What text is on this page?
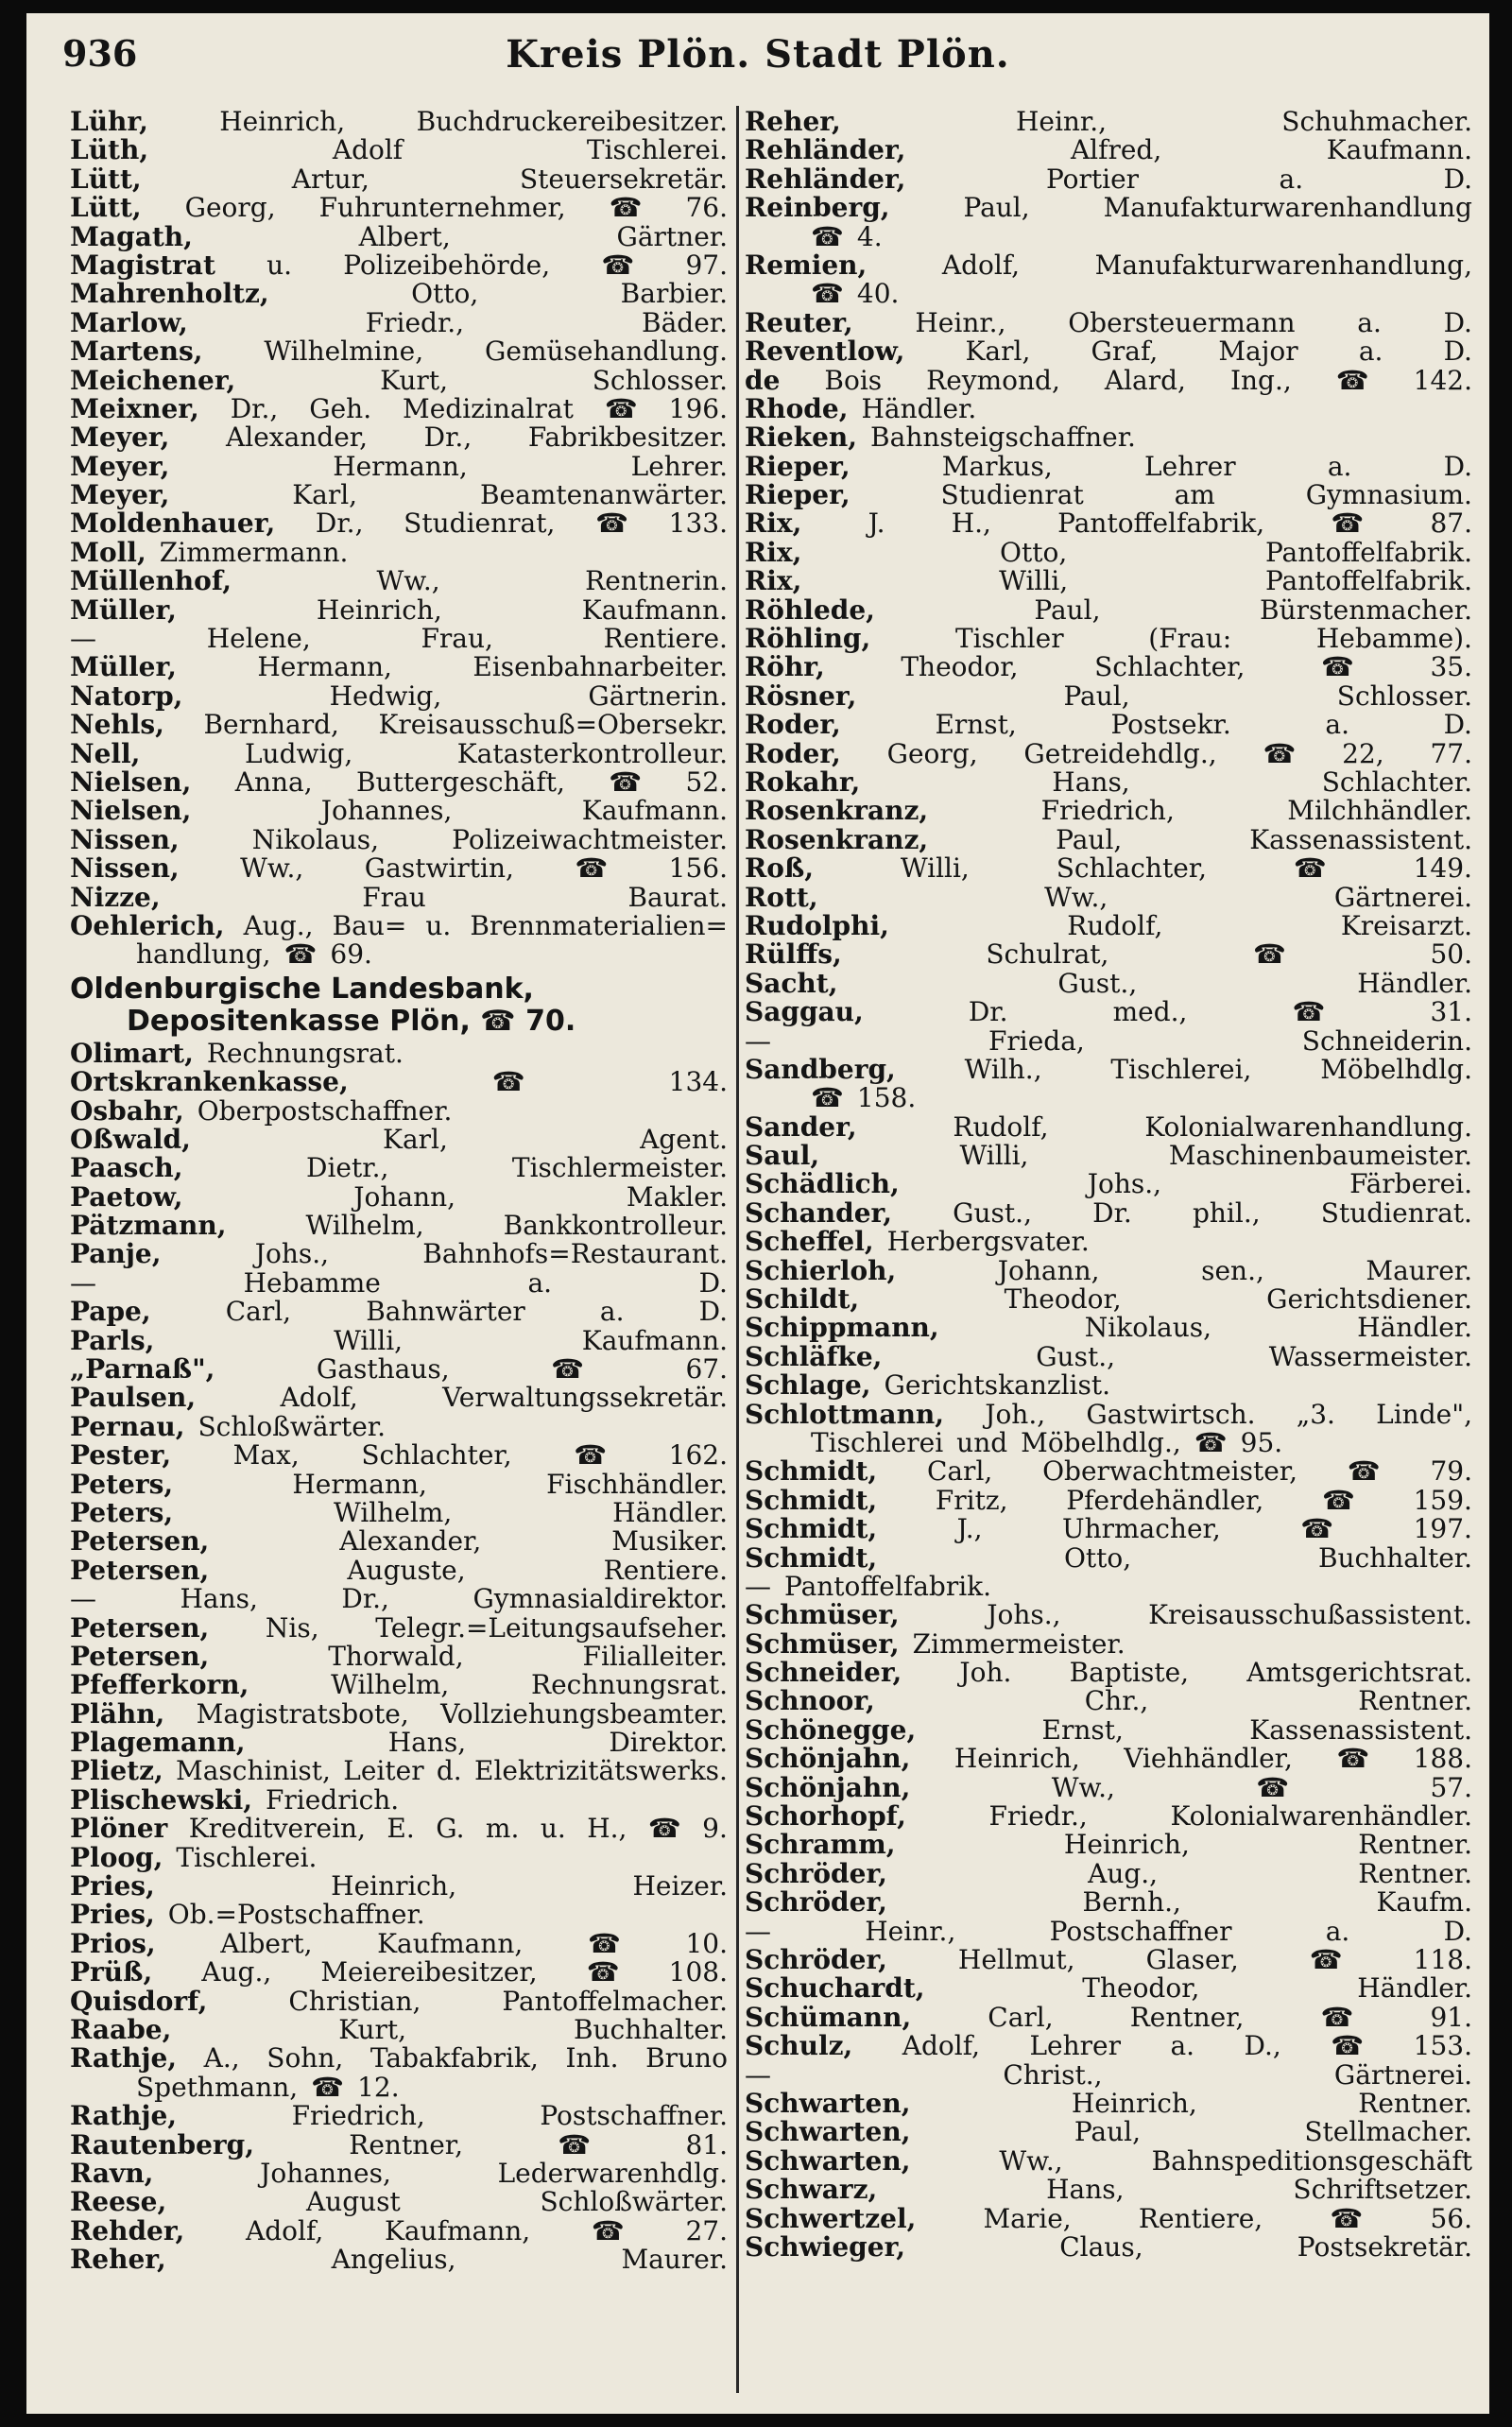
936	Kreis Plön. Stadt Plön.
Lühr,	Heinrich,	Buchdruckereibesitzer.
Lüth,	Adolf	Tischlerei.
Lütt,	Artur,	Steuersekretär.
Lütt, Georg, Fuhrunternehmer, ☎ 76.
Magath,	Albert,	Gärtner.
Magistrat u. Polizeibehörde, ☎ 97.
Mahrenholtz,	Otto,	Barbier.
Marlow,	Friedr.,	Bäder.
Martens, Wilhelmine, Gemüsehandlung.
Meichener,	Kurt,	Schlosser.
Meixner, Dr., Geh. Medizinalrat ☎ 196.
Meyer, Alexander, Dr., Fabrikbesitzer.
Meyer,	Hermann,	Lehrer.
Meyer,	Karl,	Beamtenanwärter.
Moldenhauer, Dr., Studienrat, ☎ 133.
Moll, Zimmermann.
Müllenhof,	Ww.,	Rentnerin.
Müller,	Heinrich,	Kaufmann.
—	Helene,	Frau,	Rentiere.
Müller,	Hermann,	Eisenbahnarbeiter.
Natorp,	Hedwig,	Gärtnerin.
Nehls, Bernhard, Kreisausschuß=Obersekr.
Nell,	Ludwig,	Katasterkontrolleur.
Nielsen, Anna, Buttergeschäft, ☎ 52.
Nielsen,	Johannes,	Kaufmann.
Nissen,	Nikolaus,	Polizeiwachtmeister.
Nissen, Ww., Gastwirtin, ☎ 156.
Nizze,	Frau	Baurat.
Oehlerich, Aug., Bau= u. Brennmaterialien=
handlung, ☎ 69.
Oldenburgische Landesbank,
Depositenkasse Plön, ☎ 70.
Olimart, Rechnungsrat.
Ortskrankenkasse,	☎	134.
Osbahr, Oberpostschaffner.
Oßwald,	Karl,	Agent.
Paasch,	Dietr.,	Tischlermeister.
Paetow,	Johann,	Makler.
Pätzmann,	Wilhelm,	Bankkontrolleur.
Panje,	Johs.,	Bahnhofs=Restaurant.
—	Hebamme	a.	D.
Pape,	Carl,	Bahnwärter	a.	D.
Parls,	Willi,	Kaufmann.
„Parnaß",	Gasthaus,	☎	67.
Paulsen,	Adolf,	Verwaltungssekretär.
Pernau, Schloßwärter.
Pester, Max, Schlachter, ☎ 162.
Peters,	Hermann,	Fischhändler.
Peters,	Wilhelm,	Händler.
Petersen,	Alexander,	Musiker.
Petersen,	Auguste,	Rentiere.
—	Hans,	Dr.,	Gymnasialdirektor.
Petersen, Nis, Telegr.=Leitungsaufseher.
Petersen,	Thorwald,	Filialleiter.
Pfefferkorn,	Wilhelm,	Rechnungsrat.
Plähn, Magistratsbote, Vollziehungsbeamter.
Plagemann,	Hans,	Direktor.
Plietz, Maschinist, Leiter d. Elektrizitätswerks.
Plischewski, Friedrich.
Plöner Kreditverein, E. G. m. u. H., ☎ 9.
Ploog, Tischlerei.
Pries,	Heinrich,	Heizer.
Pries, Ob.=Postschaffner.
Prios, Albert, Kaufmann, ☎ 10.
Prüß, Aug., Meiereibesitzer, ☎ 108.
Quisdorf,	Christian,	Pantoffelmacher.
Raabe,	Kurt,	Buchhalter.
Rathje, A., Sohn, Tabakfabrik, Inh. Bruno
Spethmann, ☎ 12.
Rathje,	Friedrich,	Postschaffner.
Rautenberg,	Rentner,	☎	81.
Ravn,	Johannes,	Lederwarenhdlg.
Reese,	August	Schloßwärter.
Rehder, Adolf, Kaufmann, ☎ 27.
Reher,	Angelius,	Maurer.
Reher,	Heinr.,	Schuhmacher.
Rehländer,	Alfred,	Kaufmann.
Rehländer,	Portier	a.	D.
Reinberg,	Paul,	Manufakturwarenhandlung
☎ 4.
Remien,	Adolf,	Manufakturwarenhandlung,
☎ 40.
Reuter, Heinr., Obersteuermann a. D.
Reventlow, Karl, Graf, Major a. D.
de Bois Reymond, Alard, Ing., ☎ 142.
Rhode, Händler.
Rieken, Bahnsteigschaffner.
Rieper,	Markus,	Lehrer	a.	D.
Rieper,	Studienrat	am	Gymnasium.
Rix,	J.	H.,	Pantoffelfabrik,	☎	87.
Rix,	Otto,	Pantoffelfabrik.
Rix,	Willi,	Pantoffelfabrik.
Röhlede,	Paul,	Bürstenmacher.
Röhling,	Tischler	(Frau:	Hebamme).
Röhr,	Theodor,	Schlachter,	☎	35.
Rösner,	Paul,	Schlosser.
Roder,	Ernst,	Postsekr.	a.	D.
Roder, Georg, Getreidehdlg., ☎ 22, 77.
Rokahr,	Hans,	Schlachter.
Rosenkranz,	Friedrich,	Milchhändler.
Rosenkranz,	Paul,	Kassenassistent.
Roß,	Willi,	Schlachter,	☎	149.
Rott,	Ww.,	Gärtnerei.
Rudolphi,	Rudolf,	Kreisarzt.
Rülffs,	Schulrat,	☎	50.
Sacht,	Gust.,	Händler.
Saggau,	Dr.	med.,	☎	31.
—	Frieda,	Schneiderin.
Sandberg,	Wilh.,	Tischlerei,	Möbelhdlg.
☎ 158.
Sander,	Rudolf,	Kolonialwarenhandlung.
Saul,	Willi,	Maschinenbaumeister.
Schädlich,	Johs.,	Färberei.
Schander, Gust., Dr. phil., Studienrat.
Scheffel, Herbergsvater.
Schierloh,	Johann,	sen.,	Maurer.
Schildt,	Theodor,	Gerichtsdiener.
Schippmann,	Nikolaus,	Händler.
Schläfke,	Gust.,	Wassermeister.
Schlage, Gerichtskanzlist.
Schlottmann, Joh., Gastwirtsch. „3. Linde",
Tischlerei und Möbelhdlg., ☎ 95.
Schmidt, Carl, Oberwachtmeister, ☎ 79.
Schmidt, Fritz, Pferdehändler, ☎ 159.
Schmidt,	J.,	Uhrmacher,	☎	197.
Schmidt,	Otto,	Buchhalter.
— Pantoffelfabrik.
Schmüser,	Johs.,	Kreisausschußassistent.
Schmüser, Zimmermeister.
Schneider, Joh. Baptiste, Amtsgerichtsrat.
Schnoor,	Chr.,	Rentner.
Schönegge,	Ernst,	Kassenassistent.
Schönjahn, Heinrich, Viehhändler, ☎ 188.
Schönjahn,	Ww.,	☎	57.
Schorhopf,	Friedr.,	Kolonialwarenhändler.
Schramm,	Heinrich,	Rentner.
Schröder,	Aug.,	Rentner.
Schröder,	Bernh.,	Kaufm.
—	Heinr.,	Postschaffner	a.	D.
Schröder,	Hellmut,	Glaser,	☎	118.
Schuchardt,	Theodor,	Händler.
Schümann,	Carl,	Rentner,	☎	91.
Schulz, Adolf, Lehrer a. D., ☎ 153.
—	Christ.,	Gärtnerei.
Schwarten,	Heinrich,	Rentner.
Schwarten,	Paul,	Stellmacher.
Schwarten,	Ww.,	Bahnspeditionsgeschäft
Schwarz,	Hans,	Schriftsetzer.
Schwertzel,	Marie,	Rentiere,	☎	56.
Schwieger,	Claus,	Postsekretär.
